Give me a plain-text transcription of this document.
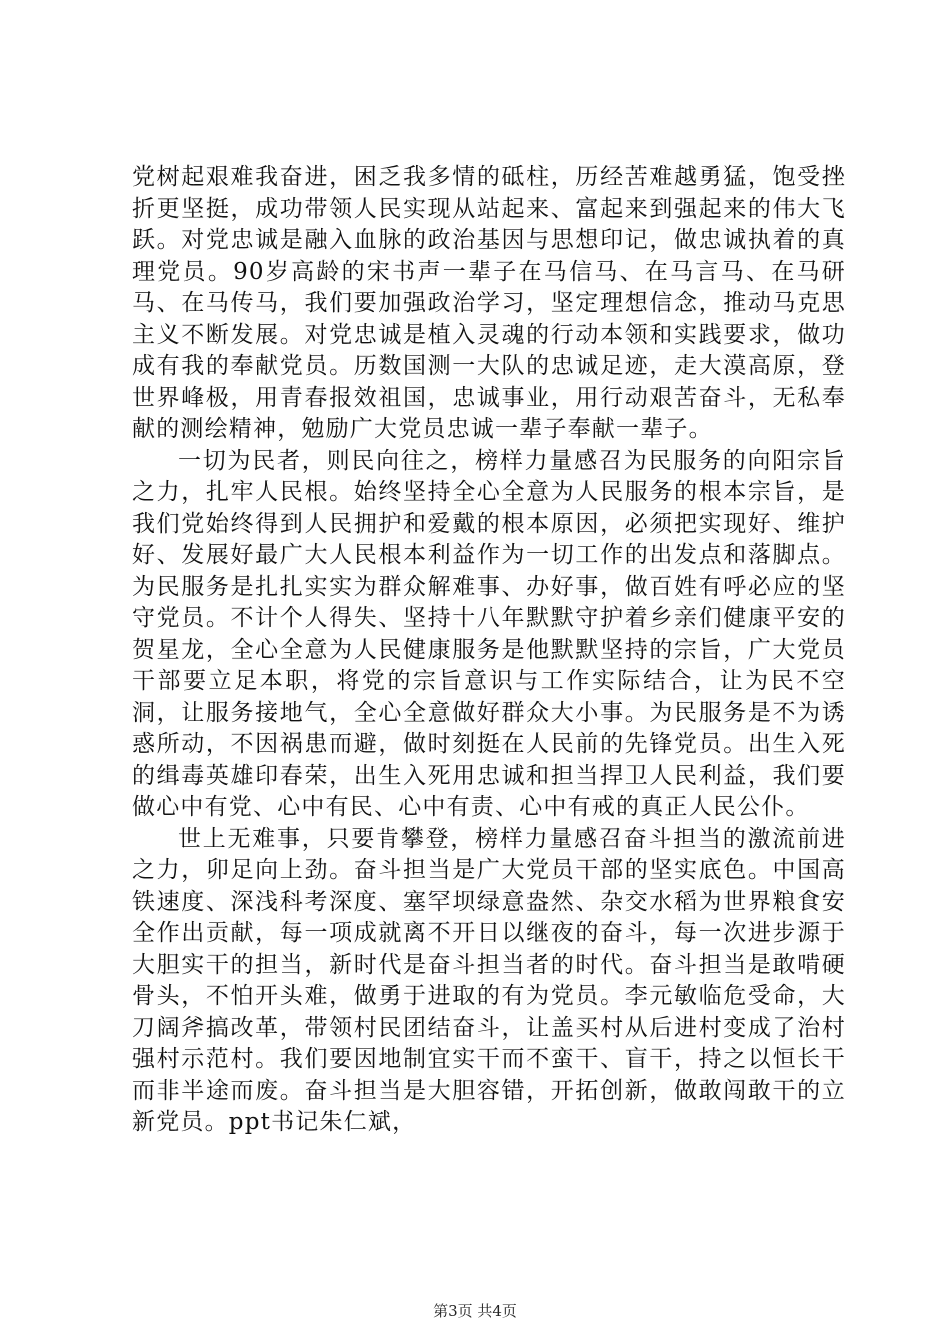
党树起艰难我奋进，困乏我多情的砥柱，历经苦难越勇猛，饱受挫折更坚挺，成功带领人民实现从站起来、富起来到强起来的伟大飞跃。对党忠诚是融入血脉的政治基因与思想印记，做忠诚执着的真理党员。90岁高龄的宋书声一辈子在马信马、在马言马、在马研马、在马传马，我们要加强政治学习，坚定理想信念，推动马克思主义不断发展。对党忠诚是植入灵魂的行动本领和实践要求，做功成有我的奉献党员。历数国测一大队的忠诚足迹，走大漠高原，登世界峰极，用青春报效祖国，忠诚事业，用行动艰苦奋斗，无私奉献的测绘精神，勉励广大党员忠诚一辈子奉献一辈子。

一切为民者，则民向往之，榜样力量感召为民服务的向阳宗旨之力，扎牢人民根。始终坚持全心全意为人民服务的根本宗旨，是我们党始终得到人民拥护和爱戴的根本原因，必须把实现好、维护好、发展好最广大人民根本利益作为一切工作的出发点和落脚点。为民服务是扎扎实实为群众解难事、办好事，做百姓有呼必应的坚守党员。不计个人得失、坚持十八年默默守护着乡亲们健康平安的贺星龙，全心全意为人民健康服务是他默默坚持的宗旨，广大党员干部要立足本职，将党的宗旨意识与工作实际结合，让为民不空洞，让服务接地气，全心全意做好群众大小事。为民服务是不为诱惑所动，不因祸患而避，做时刻挺在人民前的先锋党员。出生入死的缉毒英雄印春荣，出生入死用忠诚和担当捍卫人民利益，我们要做心中有党、心中有民、心中有责、心中有戒的真正人民公仆。

世上无难事，只要肯攀登，榜样力量感召奋斗担当的激流前进之力，卯足向上劲。奋斗担当是广大党员干部的坚实底色。中国高铁速度、深浅科考深度、塞罕坝绿意盎然、杂交水稻为世界粮食安全作出贡献，每一项成就离不开日以继夜的奋斗，每一次进步源于大胆实干的担当，新时代是奋斗担当者的时代。奋斗担当是敢啃硬骨头，不怕开头难，做勇于进取的有为党员。李元敏临危受命，大刀阔斧搞改革，带领村民团结奋斗，让盖买村从后进村变成了治村强村示范村。我们要因地制宜实干而不蛮干、盲干，持之以恒长干而非半途而废。奋斗担当是大胆容错，开拓创新，做敢闯敢干的立新党员。ppt书记朱仁斌，

第3页 共4页
